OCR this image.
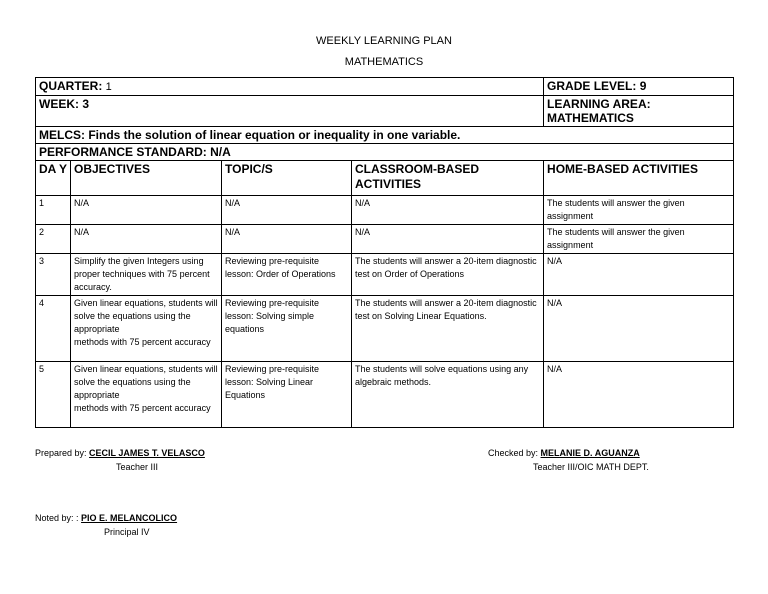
WEEKLY LEARNING PLAN
MATHEMATICS
QUARTER: 1				GRADE LEVEL: 9
WEEK: 3				LEARNING AREA: MATHEMATICS
MELCS: Finds the solution of linear equation or inequality in one variable.				
PERFORMANCE STANDARD: N/A				
DA Y	OBJECTIVES	TOPIC/S	CLASSROOM-BASED ACTIVITIES	HOME-BASED ACTIVITIES
1	N/A	N/A	N/A	The students will answer the given assignment
2	N/A	N/A	N/A	The students will answer the given assignment
3	Simplify the given Integers using proper techniques with 75 percent accuracy.	Reviewing pre-requisite lesson: Order of Operations	The students will answer a 20-item diagnostic test on Order of Operations	N/A
4	Given linear equations, students will solve the equations using the appropriate
methods with 75 percent accuracy	Reviewing pre-requisite lesson: Solving simple equations	The students will answer a 20-item diagnostic test on Solving Linear Equations.	N/A
5	Given linear equations, students will solve the equations using the appropriate
methods with 75 percent accuracy	Reviewing pre-requisite lesson: Solving Linear Equations	The students will solve equations using any algebraic methods.	N/A
Prepared by: CECIL JAMES T. VELASCO
Teacher III
Checked by: MELANIE D. AGUANZA
Teacher III/OIC MATH DEPT.
Noted by: : PIO E. MELANCOLICO
Principal IV
